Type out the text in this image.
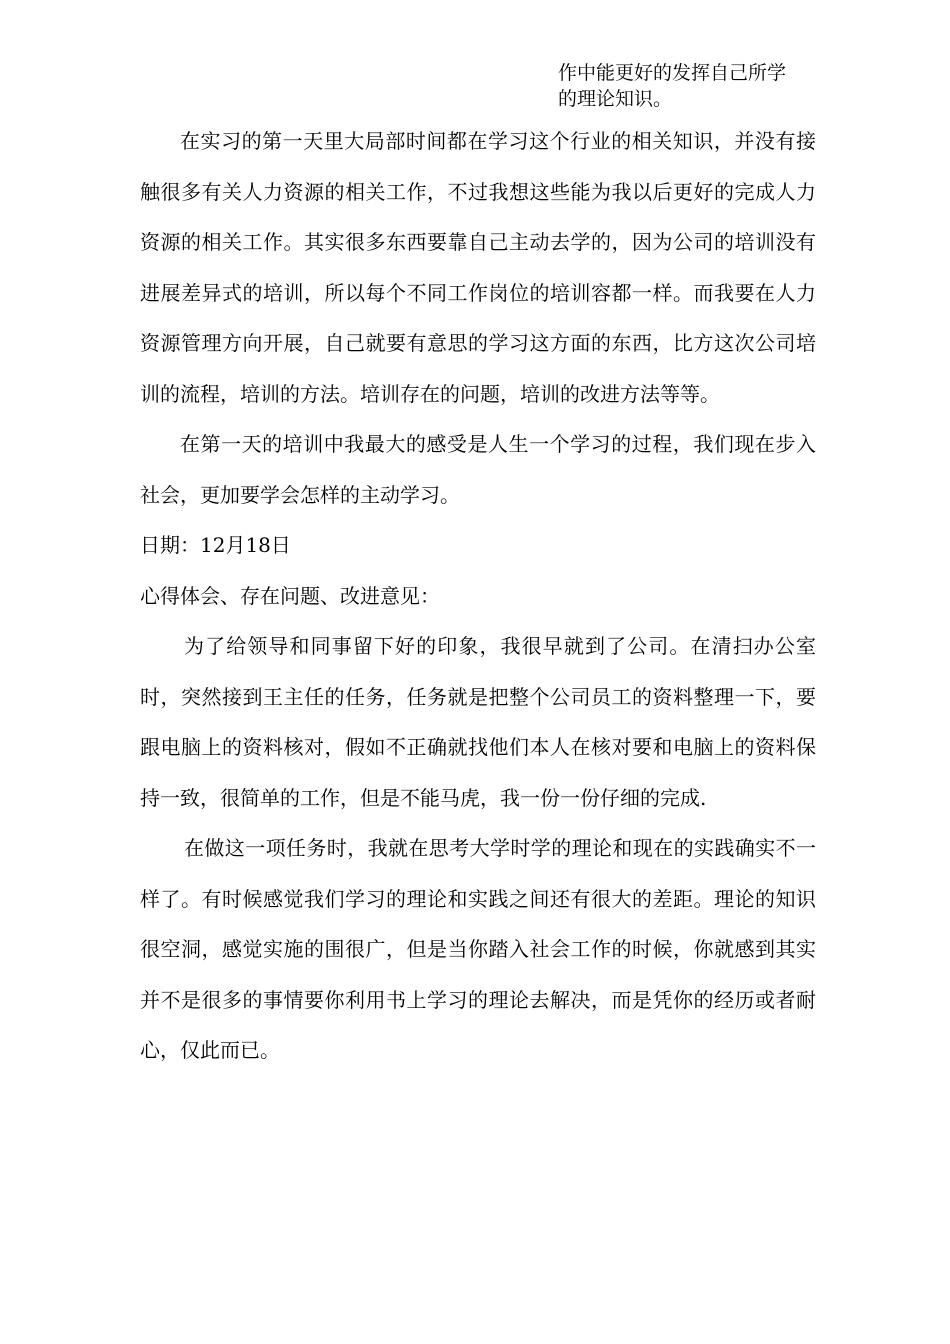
作中能更好的发挥自己所学
的理论知识。

在实习的第一天里大局部时间都在学习这个行业的相关知识，并没有接触很多有关人力资源的相关工作，不过我想这些能为我以后更好的完成人力资源的相关工作。其实很多东西要靠自己主动去学的，因为公司的培训没有进展差异式的培训，所以每个不同工作岗位的培训容都一样。而我要在人力资源管理方向开展，自己就要有意思的学习这方面的东西，比方这次公司培训的流程，培训的方法。培训存在的问题，培训的改进方法等等。

在第一天的培训中我最大的感受是人生一个学习的过程，我们现在步入社会，更加要学会怎样的主动学习。

日期：12月18日

心得体会、存在问题、改进意见：

为了给领导和同事留下好的印象，我很早就到了公司。在清扫办公室时，突然接到王主任的任务，任务就是把整个公司员工的资料整理一下，要跟电脑上的资料核对，假如不正确就找他们本人在核对要和电脑上的资料保持一致，很简单的工作，但是不能马虎，我一份一份仔细的完成.

在做这一项任务时，我就在思考大学时学的理论和现在的实践确实不一样了。有时候感觉我们学习的理论和实践之间还有很大的差距。理论的知识很空洞，感觉实施的围很广，但是当你踏入社会工作的时候，你就感到其实并不是很多的事情要你利用书上学习的理论去解决，而是凭你的经历或者耐心，仅此而已。
